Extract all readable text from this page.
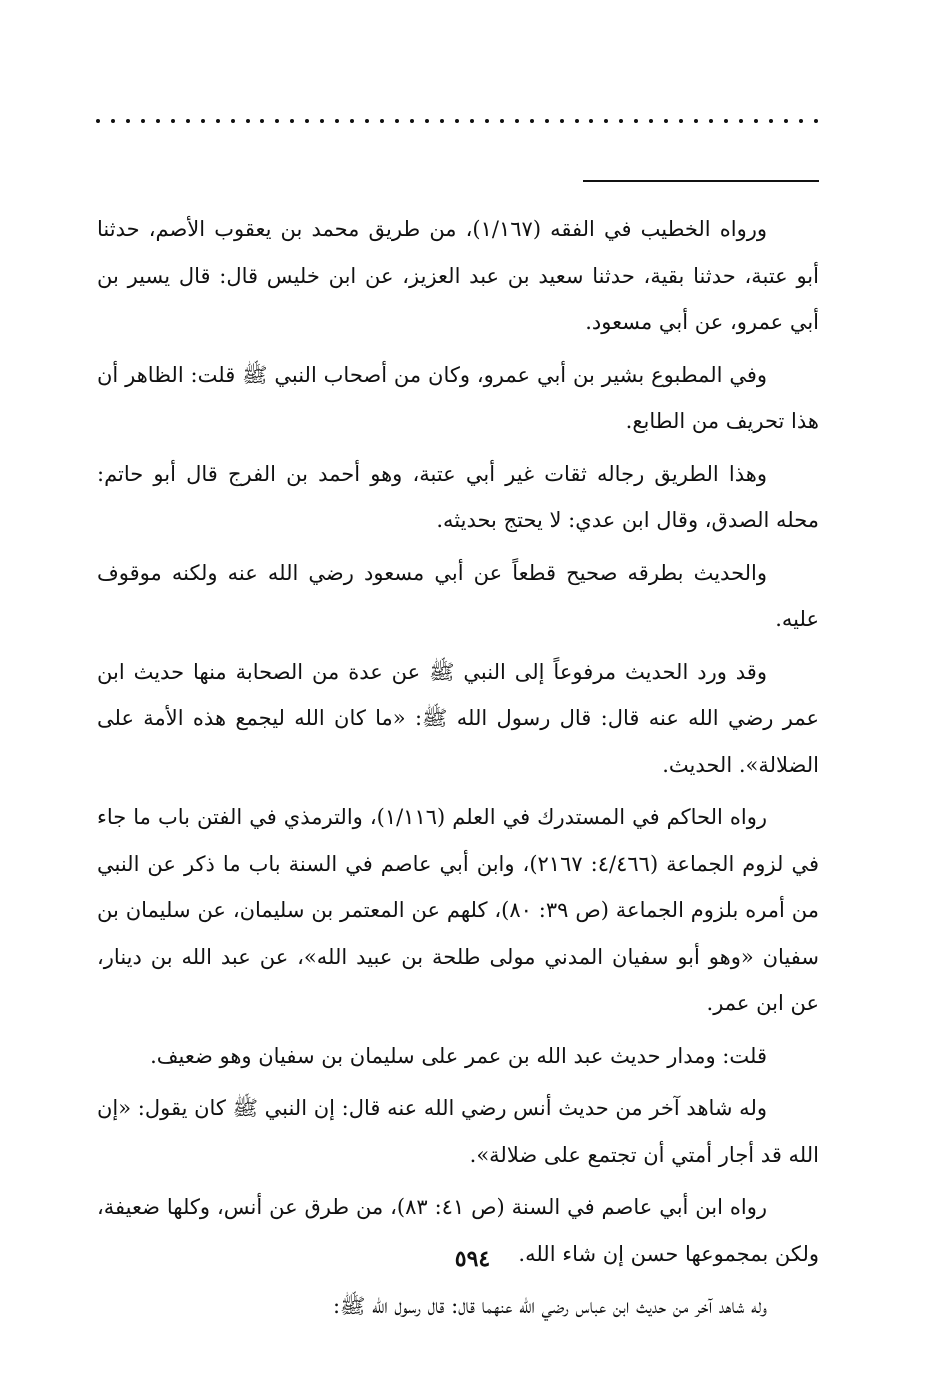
ورواه الخطيب في الفقه (١/١٦٧)، من طريق محمد بن يعقوب الأصم، حدثنا أبو عتبة، حدثنا بقية، حدثنا سعيد بن عبد العزيز، عن ابن خليس قال: قال يسير بن أبي عمرو، عن أبي مسعود.

وفي المطبوع بشير بن أبي عمرو، وكان من أصحاب النبي ﷺ قلت: الظاهر أن هذا تحريف من الطابع.

وهذا الطريق رجاله ثقات غير أبي عتبة، وهو أحمد بن الفرج قال أبو حاتم: محله الصدق، وقال ابن عدي: لا يحتج بحديثه.

والحديث بطرقه صحيح قطعاً عن أبي مسعود رضي الله عنه ولكنه موقوف عليه.

وقد ورد الحديث مرفوعاً إلى النبي ﷺ عن عدة من الصحابة منها حديث ابن عمر رضي الله عنه قال: قال رسول الله ﷺ: «ما كان الله ليجمع هذه الأمة على الضلالة». الحديث.

رواه الحاكم في المستدرك في العلم (١/١١٦)، والترمذي في الفتن باب ما جاء في لزوم الجماعة (٤/٤٦٦: ٢١٦٧)، وابن أبي عاصم في السنة باب ما ذكر عن النبي من أمره بلزوم الجماعة (ص ٣٩: ٨٠)، كلهم عن المعتمر بن سليمان، عن سليمان بن سفيان «وهو أبو سفيان المدني مولى طلحة بن عبيد الله»، عن عبد الله بن دينار، عن ابن عمر.

قلت: ومدار حديث عبد الله بن عمر على سليمان بن سفيان وهو ضعيف.

وله شاهد آخر من حديث أنس رضي الله عنه قال: إن النبي ﷺ كان يقول: «إن الله قد أجار أمتي أن تجتمع على ضلالة».

رواه ابن أبي عاصم في السنة (ص ٤١: ٨٣)، من طرق عن أنس، وكلها ضعيفة، ولكن بمجموعها حسن إن شاء الله.

وله شاهد آخر من حديث ابن عباس رضي الله عنهما قال: قال رسول الله ﷺ:

٥٩٤
